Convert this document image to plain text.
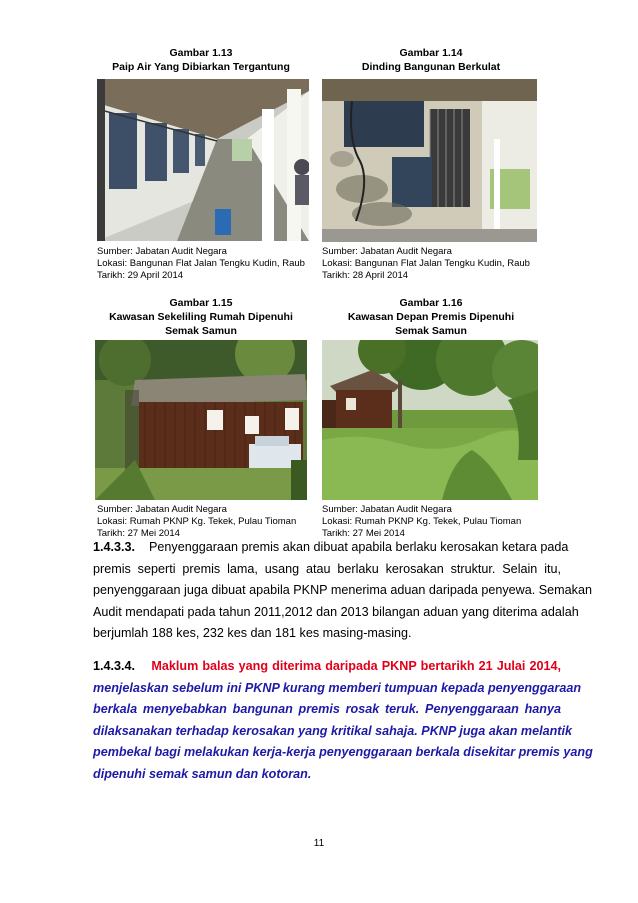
Gambar 1.13
Paip Air Yang Dibiarkan Tergantung
Sumber: Jabatan Audit Negara
Lokasi: Bangunan Flat Jalan Tengku Kudin, Raub
Tarikh: 29 April 2014
Gambar 1.14
Dinding Bangunan Berkulat
Sumber: Jabatan Audit Negara
Lokasi: Bangunan Flat Jalan Tengku Kudin, Raub
Tarikh: 28 April 2014
Gambar 1.15
Kawasan Sekeliling Rumah Dipenuhi
Semak Samun
Sumber: Jabatan Audit Negara
Lokasi: Rumah PKNP Kg. Tekek, Pulau Tioman
Tarikh: 27 Mei 2014
Gambar 1.16
Kawasan Depan Premis Dipenuhi
Semak Samun
Sumber: Jabatan Audit Negara
Lokasi: Rumah PKNP Kg. Tekek, Pulau Tioman
Tarikh: 27 Mei 2014
1.4.3.3. Penyenggaraan premis akan dibuat apabila berlaku kerosakan ketara pada
premis seperti premis lama, usang atau berlaku kerosakan struktur. Selain itu,
penyenggaraan juga dibuat apabila PKNP menerima aduan daripada penyewa. Semakan
Audit mendapati pada tahun 2011,2012 dan 2013 bilangan aduan yang diterima adalah
berjumlah 188 kes, 232 kes dan 181 kes masing-masing.
1.4.3.4. Maklum balas yang diterima daripada PKNP bertarikh 21 Julai 2014,
menjelaskan sebelum ini PKNP kurang memberi tumpuan kepada penyenggaraan
berkala menyebabkan bangunan premis rosak teruk. Penyenggaraan hanya
dilaksanakan terhadap kerosakan yang kritikal sahaja. PKNP juga akan melantik
pembekal bagi melakukan kerja-kerja penyenggaraan berkala disekitar premis yang
dipenuhi semak samun dan kotoran.
11
